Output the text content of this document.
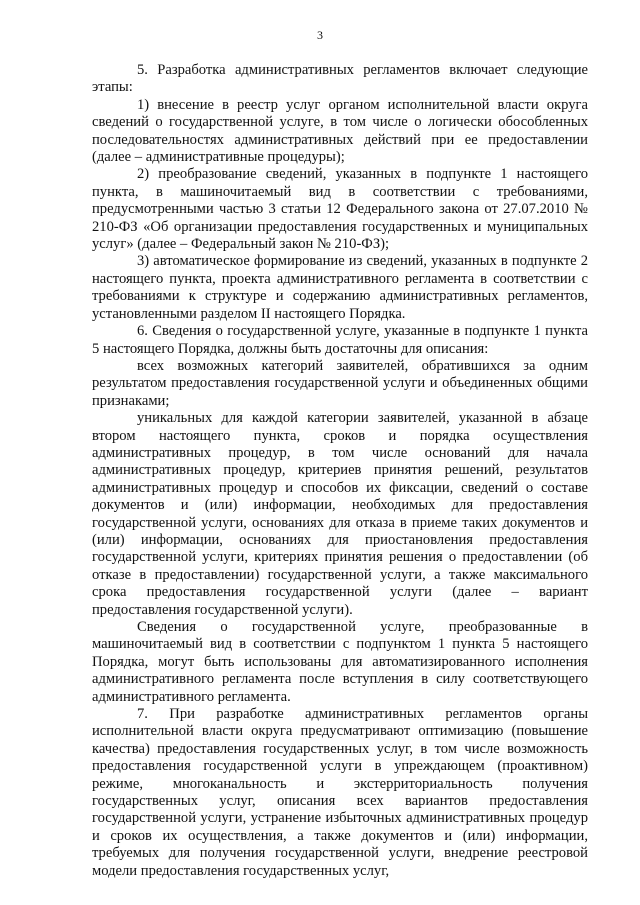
3

5. Разработка административных регламентов включает следующие этапы:

1) внесение в реестр услуг органом исполнительной власти округа сведений о государственной услуге, в том числе о логически обособленных последовательностях административных действий при ее предоставлении (далее – административные процедуры);

2) преобразование сведений, указанных в подпункте 1 настоящего пункта, в машиночитаемый вид в соответствии с требованиями, предусмотренными частью 3 статьи 12 Федерального закона от 27.07.2010 № 210-ФЗ «Об организации предоставления государственных и муниципальных услуг» (далее – Федеральный закон № 210-ФЗ);

3) автоматическое формирование из сведений, указанных в подпункте 2 настоящего пункта, проекта административного регламента в соответствии с требованиями к структуре и содержанию административных регламентов, установленными разделом II настоящего Порядка.

6. Сведения о государственной услуге, указанные в подпункте 1 пункта 5 настоящего Порядка, должны быть достаточны для описания:

всех возможных категорий заявителей, обратившихся за одним результатом предоставления государственной услуги и объединенных общими признаками;

уникальных для каждой категории заявителей, указанной в абзаце втором настоящего пункта, сроков и порядка осуществления административных процедур, в том числе оснований для начала административных процедур, критериев принятия решений, результатов административных процедур и способов их фиксации, сведений о составе документов и (или) информации, необходимых для предоставления государственной услуги, основаниях для отказа в приеме таких документов и (или) информации, основаниях для приостановления предоставления государственной услуги, критериях принятия решения о предоставлении (об отказе в предоставлении) государственной услуги, а также максимального срока предоставления государственной услуги (далее – вариант предоставления государственной услуги).

Сведения о государственной услуге, преобразованные в машиночитаемый вид в соответствии с подпунктом 1 пункта 5 настоящего Порядка, могут быть использованы для автоматизированного исполнения административного регламента после вступления в силу соответствующего административного регламента.

7. При разработке административных регламентов органы исполнительной власти округа предусматривают оптимизацию (повышение качества) предоставления государственных услуг, в том числе возможность предоставления государственной услуги в упреждающем (проактивном) режиме, многоканальность и экстерриториальность получения государственных услуг, описания всех вариантов предоставления государственной услуги, устранение избыточных административных процедур и сроков их осуществления, а также документов и (или) информации, требуемых для получения государственной услуги, внедрение реестровой модели предоставления государственных услуг,
